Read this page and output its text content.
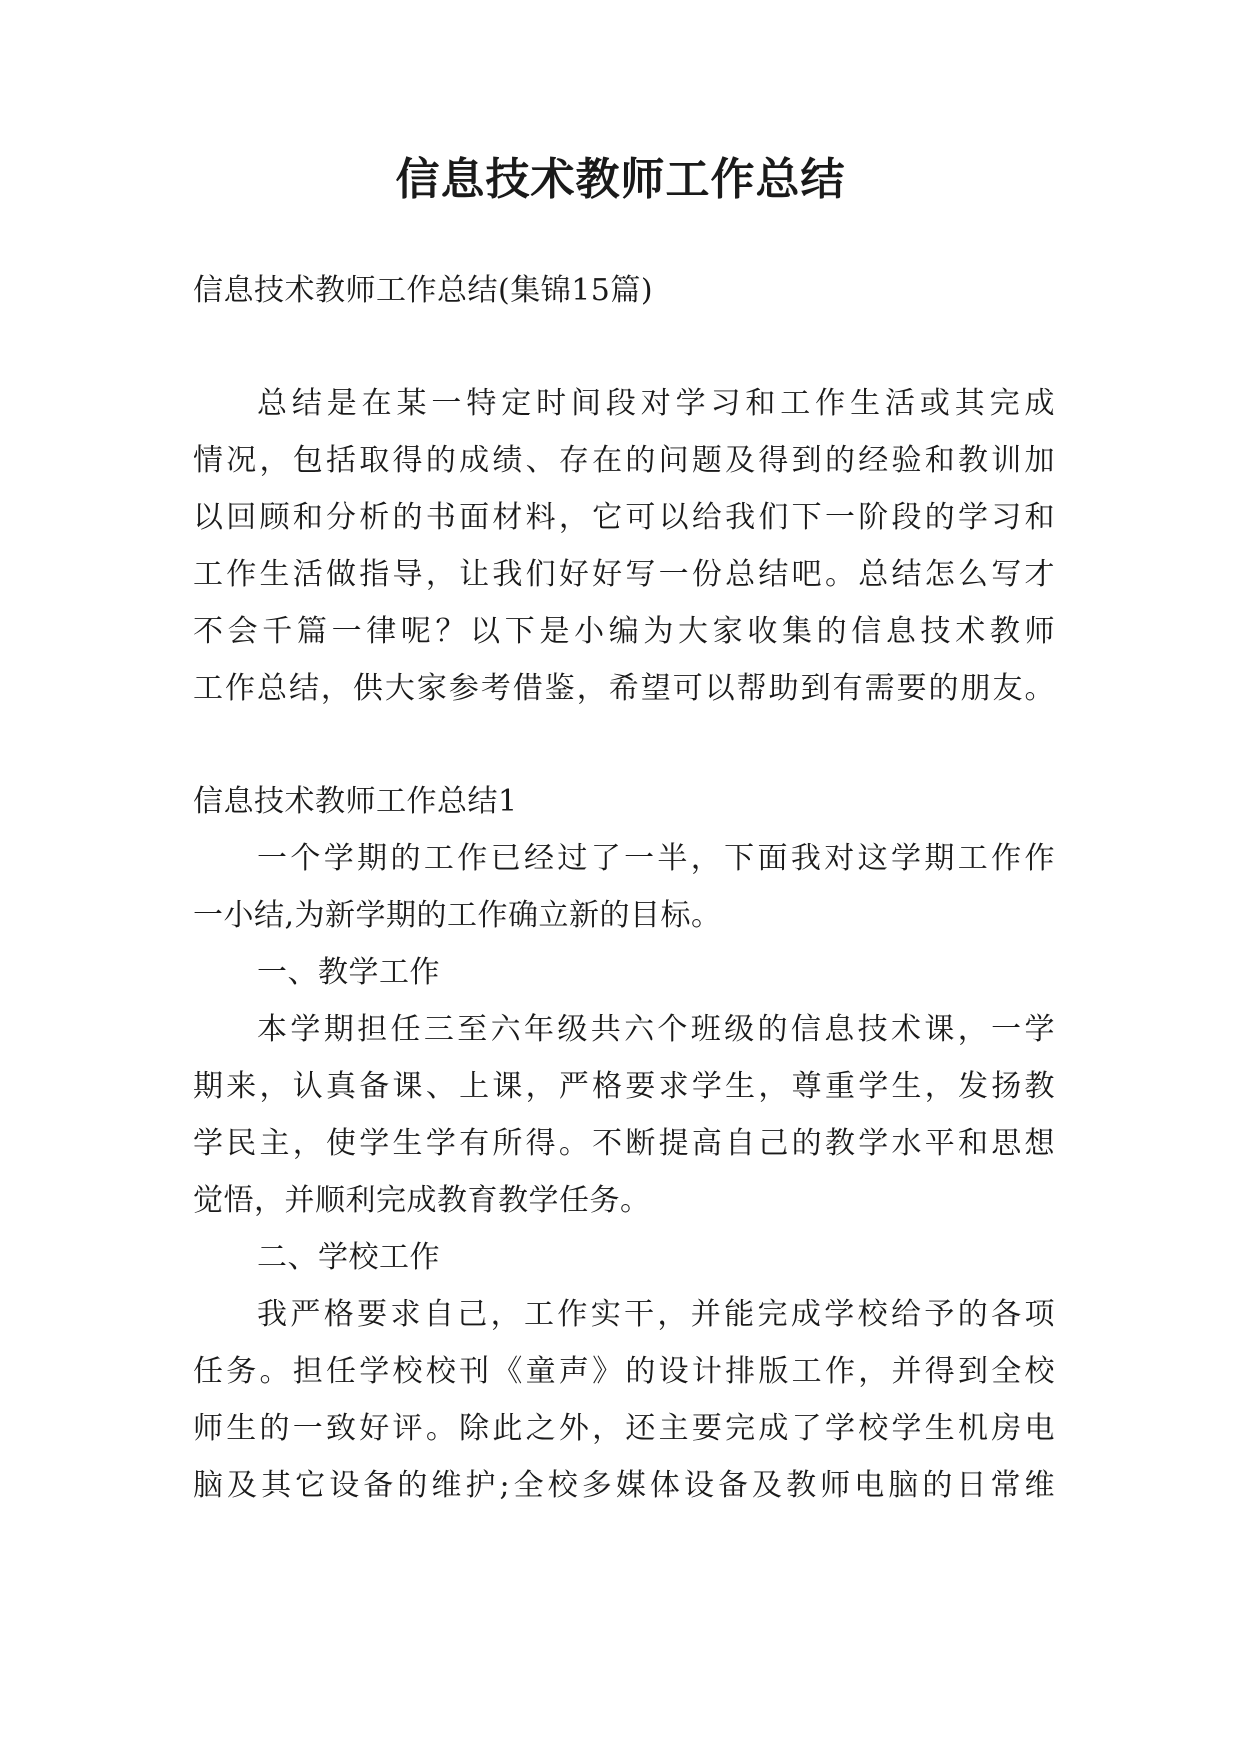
信息技术教师工作总结

信息技术教师工作总结(集锦15篇)

总结是在某一特定时间段对学习和工作生活或其完成

情况，包括取得的成绩、存在的问题及得到的经验和教训加

以回顾和分析的书面材料，它可以给我们下一阶段的学习和

工作生活做指导，让我们好好写一份总结吧。总结怎么写才

不会千篇一律呢？以下是小编为大家收集的信息技术教师

工作总结，供大家参考借鉴，希望可以帮助到有需要的朋友。

信息技术教师工作总结1

一个学期的工作已经过了一半，下面我对这学期工作作

一小结,为新学期的工作确立新的目标。

一、教学工作

本学期担任三至六年级共六个班级的信息技术课，一学

期来，认真备课、上课，严格要求学生，尊重学生，发扬教

学民主，使学生学有所得。不断提高自己的教学水平和思想

觉悟，并顺利完成教育教学任务。

二、学校工作

我严格要求自己，工作实干，并能完成学校给予的各项

任务。担任学校校刊《童声》的设计排版工作，并得到全校

师生的一致好评。除此之外，还主要完成了学校学生机房电

脑及其它设备的维护;全校多媒体设备及教师电脑的日常维
